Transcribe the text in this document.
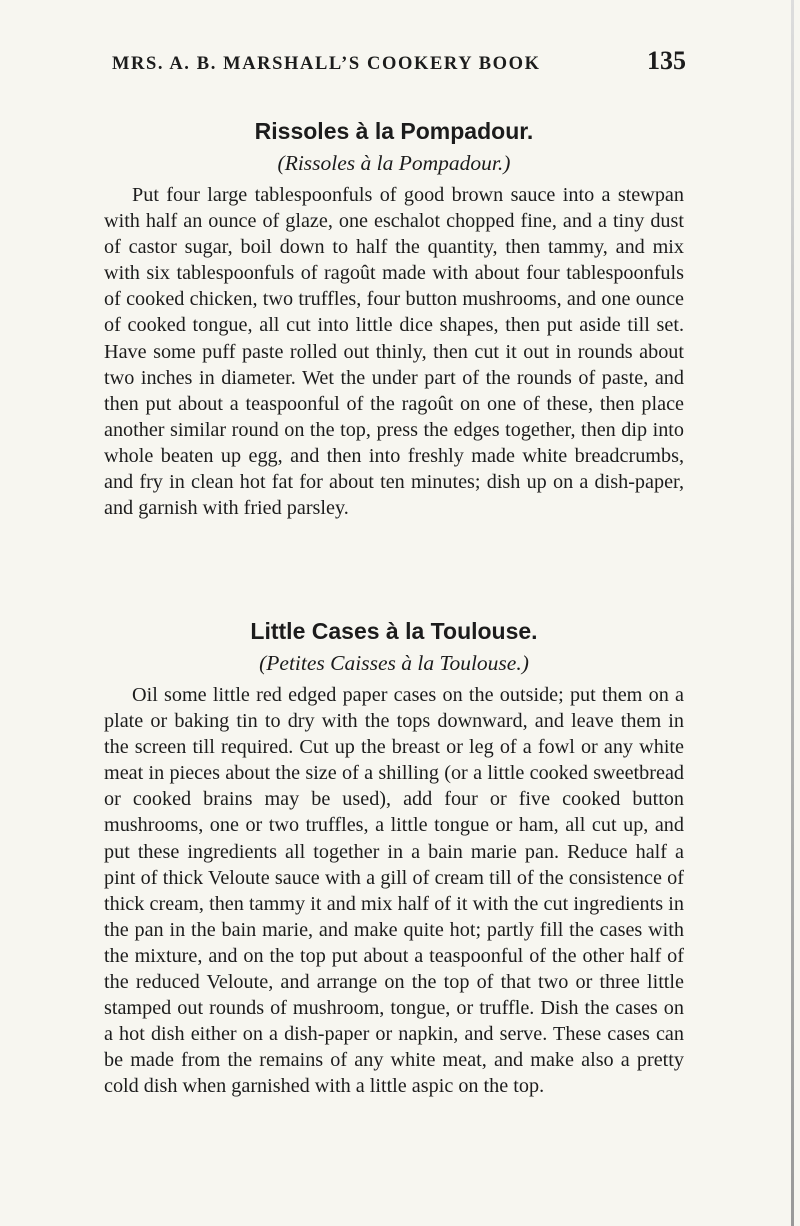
MRS. A. B. MARSHALL’S COOKERY BOOK	135
Rissoles à la Pompadour.
(Rissoles à la Pompadour.)

Put four large tablespoonfuls of good brown sauce into a stewpan with half an ounce of glaze, one eschalot chopped fine, and a tiny dust of castor sugar, boil down to half the quantity, then tammy, and mix with six tablespoonfuls of ragoût made with about four tablespoonfuls of cooked chicken, two truffles, four button mushrooms, and one ounce of cooked tongue, all cut into little dice shapes, then put aside till set. Have some puff paste rolled out thinly, then cut it out in rounds about two inches in diameter. Wet the under part of the rounds of paste, and then put about a teaspoonful of the ragoût on one of these, then place another similar round on the top, press the edges together, then dip into whole beaten up egg, and then into freshly made white breadcrumbs, and fry in clean hot fat for about ten minutes; dish up on a dish-paper, and garnish with fried parsley.

Little Cases à la Toulouse.
(Petites Caisses à la Toulouse.)

Oil some little red edged paper cases on the outside; put them on a plate or baking tin to dry with the tops downward, and leave them in the screen till required. Cut up the breast or leg of a fowl or any white meat in pieces about the size of a shilling (or a little cooked sweetbread or cooked brains may be used), add four or five cooked button mushrooms, one or two truffles, a little tongue or ham, all cut up, and put these ingredients all together in a bain marie pan. Reduce half a pint of thick Veloute sauce with a gill of cream till of the consistence of thick cream, then tammy it and mix half of it with the cut ingredients in the pan in the bain marie, and make quite hot; partly fill the cases with the mixture, and on the top put about a teaspoonful of the other half of the reduced Veloute, and arrange on the top of that two or three little stamped out rounds of mushroom, tongue, or truffle. Dish the cases on a hot dish either on a dish-paper or napkin, and serve. These cases can be made from the remains of any white meat, and make also a pretty cold dish when garnished with a little aspic on the top.
